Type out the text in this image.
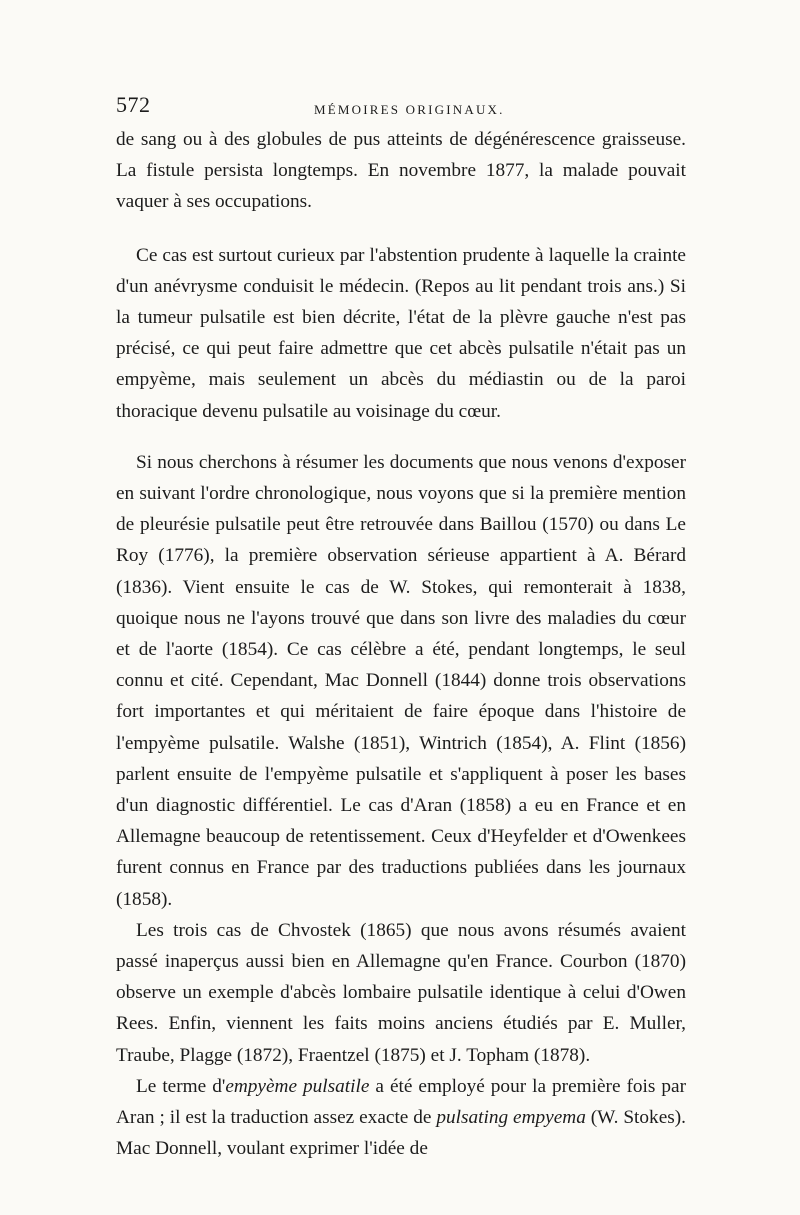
572	MÉMOIRES ORIGINAUX.

de sang ou à des globules de pus atteints de dégénérescence graisseuse. La fistule persista longtemps. En novembre 1877, la malade pouvait vaquer à ses occupations.

Ce cas est surtout curieux par l'abstention prudente à laquelle la crainte d'un anévrysme conduisit le médecin. (Repos au lit pendant trois ans.) Si la tumeur pulsatile est bien décrite, l'état de la plèvre gauche n'est pas précisé, ce qui peut faire admettre que cet abcès pulsatile n'était pas un empyème, mais seulement un abcès du médiastin ou de la paroi thoracique devenu pulsatile au voisinage du cœur.

Si nous cherchons à résumer les documents que nous venons d'exposer en suivant l'ordre chronologique, nous voyons que si la première mention de pleurésie pulsatile peut être retrouvée dans Baillou (1570) ou dans Le Roy (1776), la première observation sérieuse appartient à A. Bérard (1836). Vient ensuite le cas de W. Stokes, qui remonterait à 1838, quoique nous ne l'ayons trouvé que dans son livre des maladies du cœur et de l'aorte (1854). Ce cas célèbre a été, pendant longtemps, le seul connu et cité. Cependant, Mac Donnell (1844) donne trois observations fort importantes et qui méritaient de faire époque dans l'histoire de l'empyème pulsatile. Walshe (1851), Wintrich (1854), A. Flint (1856) parlent ensuite de l'empyème pulsatile et s'appliquent à poser les bases d'un diagnostic différentiel. Le cas d'Aran (1858) a eu en France et en Allemagne beaucoup de retentissement. Ceux d'Heyfelder et d'Owenkees furent connus en France par des traductions publiées dans les journaux (1858).

Les trois cas de Chvostek (1865) que nous avons résumés avaient passé inaperçus aussi bien en Allemagne qu'en France. Courbon (1870) observe un exemple d'abcès lombaire pulsatile identique à celui d'Owen Rees. Enfin, viennent les faits moins anciens étudiés par E. Muller, Traube, Plagge (1872), Fraentzel (1875) et J. Topham (1878).

Le terme d'empyème pulsatile a été employé pour la première fois par Aran ; il est la traduction assez exacte de pulsating empyema (W. Stokes). Mac Donnell, voulant exprimer l'idée de
